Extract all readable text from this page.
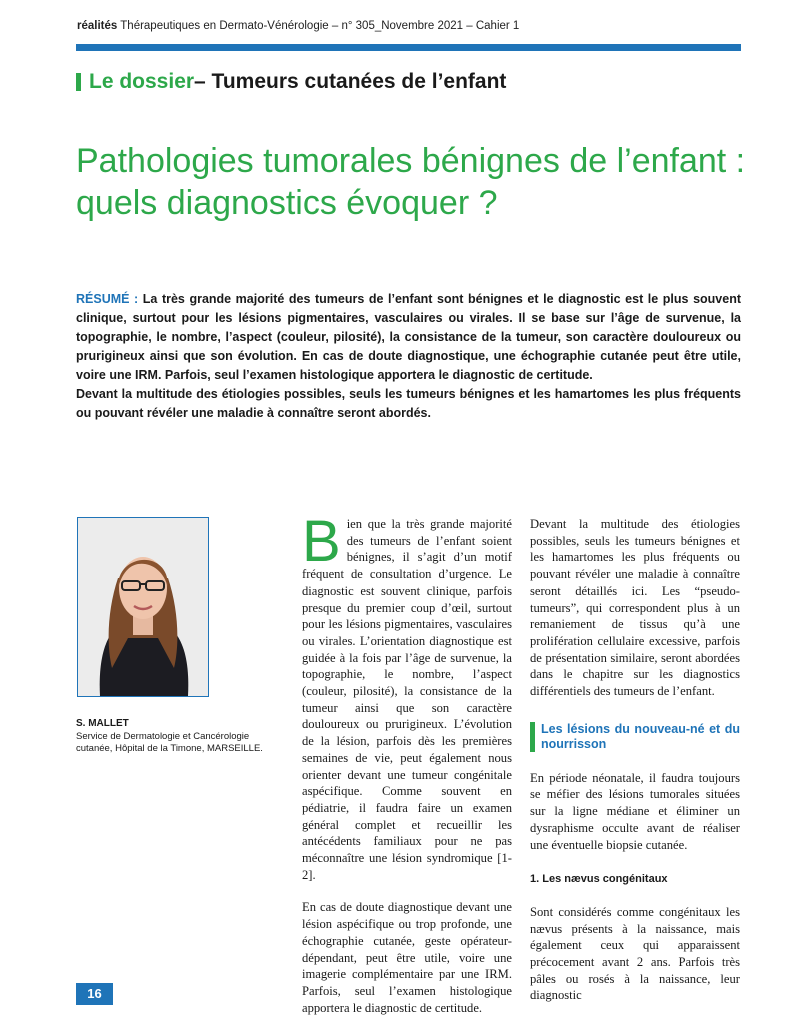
réalités Thérapeutiques en Dermato-Vénérologie – n° 305_Novembre 2021 – Cahier 1
Le dossier – Tumeurs cutanées de l’enfant
Pathologies tumorales bénignes de l’enfant : quels diagnostics évoquer ?

RÉSUMÉ : La très grande majorité des tumeurs de l’enfant sont bénignes et le diagnostic est le plus souvent clinique, surtout pour les lésions pigmentaires, vasculaires ou virales. Il se base sur l’âge de survenue, la topographie, le nombre, l’aspect (couleur, pilosité), la consistance de la tumeur, son caractère douloureux ou prurigineux ainsi que son évolution. En cas de doute diagnostique, une échographie cutanée peut être utile, voire une IRM. Parfois, seul l’examen histologique apportera le diagnostic de certitude.

Devant la multitude des étiologies possibles, seuls les tumeurs bénignes et les hamartomes les plus fréquents ou pouvant révéler une maladie à connaître seront abordés.

S. MALLET
Service de Dermatologie et Cancérologie cutanée, Hôpital de la Timone, MARSEILLE.

Bien que la très grande majorité des tumeurs de l’enfant soient bénignes, il s’agit d’un motif fréquent de consultation d’urgence. Le diagnostic est souvent clinique, parfois presque du premier coup d’œil, surtout pour les lésions pigmentaires, vasculaires ou virales. L’orientation diagnostique est guidée à la fois par l’âge de survenue, la topographie, le nombre, l’aspect (couleur, pilosité), la consistance de la tumeur ainsi que son caractère douloureux ou prurigineux. L’évolution de la lésion, parfois dès les premières semaines de vie, peut également nous orienter devant une tumeur congénitale aspécifique. Comme souvent en pédiatrie, il faudra faire un examen général complet et recueillir les antécédents familiaux pour ne pas méconnaître une lésion syndromique [1-2].

En cas de doute diagnostique devant une lésion aspécifique ou trop profonde, une échographie cutanée, geste opérateur-dépendant, peut être utile, voire une imagerie complémentaire par une IRM. Parfois, seul l’examen histologique apportera le diagnostic de certitude.

Devant la multitude des étiologies possibles, seuls les tumeurs bénignes et les hamartomes les plus fréquents ou pouvant révéler une maladie à connaître seront détaillés ici. Les “pseudo-tumeurs”, qui correspondent plus à un remaniement de tissus qu’à une prolifération cellulaire excessive, parfois de présentation similaire, seront abordées dans le chapitre sur les diagnostics différentiels des tumeurs de l’enfant.

Les lésions du nouveau-né et du nourrisson

En période néonatale, il faudra toujours se méfier des lésions tumorales situées sur la ligne médiane et éliminer un dysraphisme occulte avant de réaliser une éventuelle biopsie cutanée.

1. Les nævus congénitaux

Sont considérés comme congénitaux les nævus présents à la naissance, mais également ceux qui apparaissent précocement avant 2 ans. Parfois très pâles ou rosés à la naissance, leur diagnostic

16
